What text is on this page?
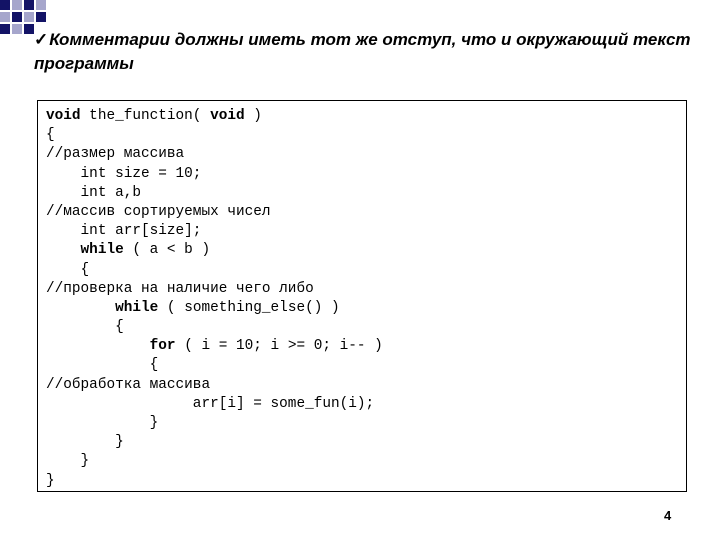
✓Комментарии должны иметь тот же отступ, что и окружающий текст программы
void the_function( void )
{
//размер массива
int size = 10;
int a,b
//массив сортируемых чисел
int arr[size];
while ( a < b )
{
//проверка на наличие чего либо
while ( something_else() )
{
for ( i = 10; i >= 0; i-- )
{
//обработка массива
arr[i] = some_fun(i);
}
}
}
}
4
